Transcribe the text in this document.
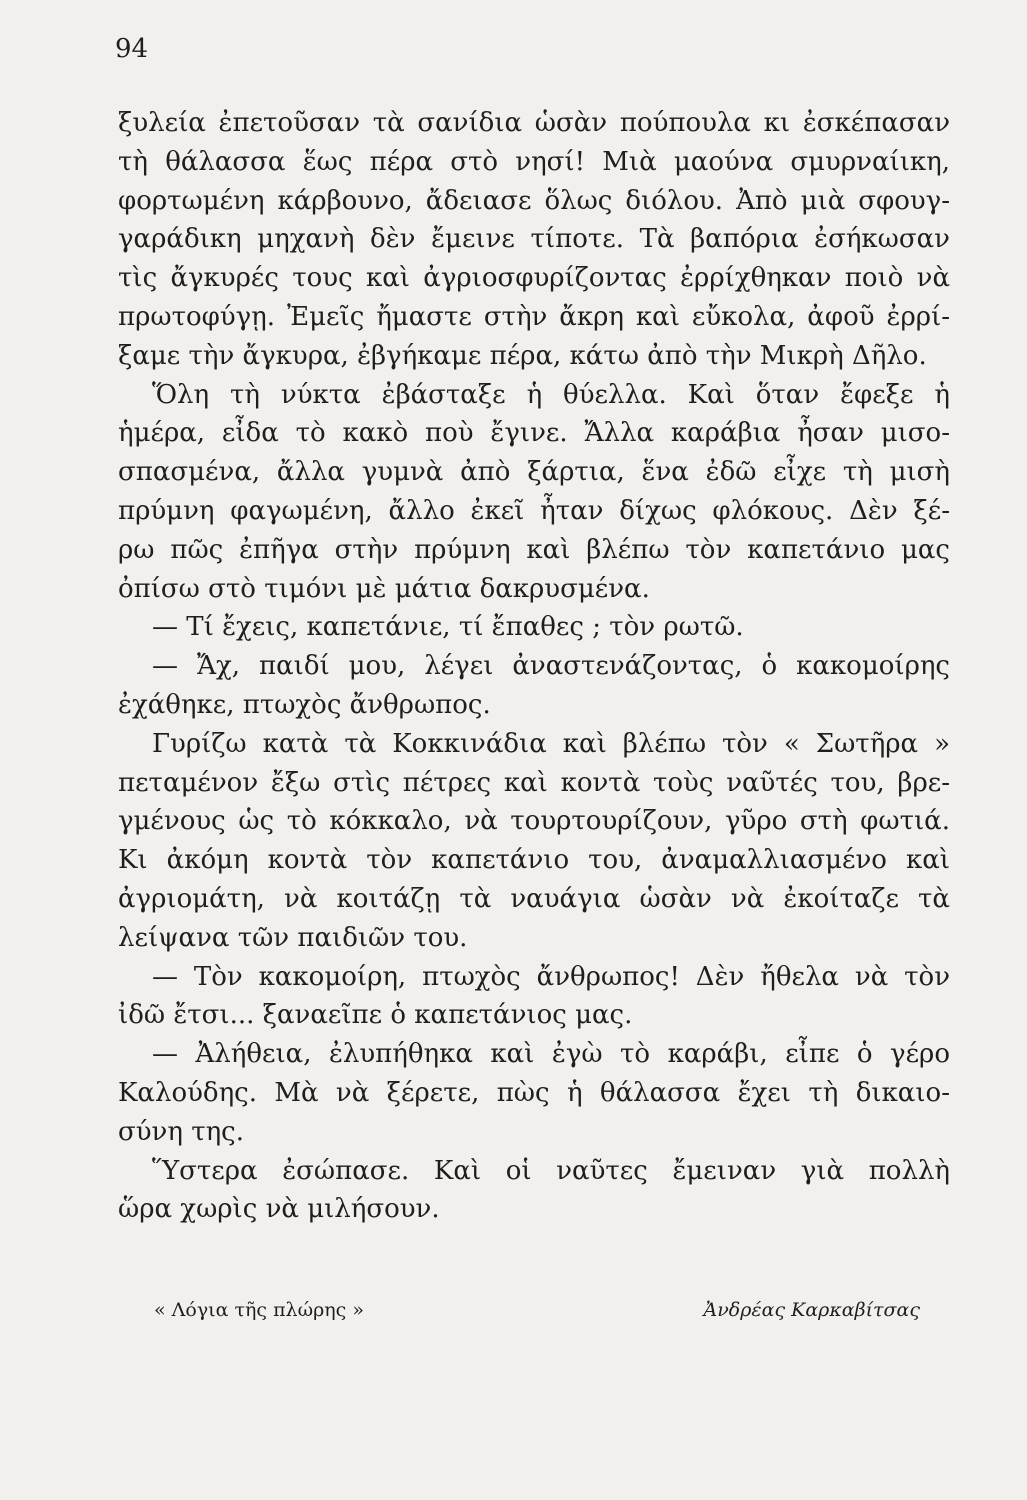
94
ξυλεία ἐπετοῦσαν τὰ σανίδια ὡσὰν πούπουλα κι ἐσκέπασαν
τὴ θάλασσα ἕως πέρα στὸ νησί! Μιὰ μαούνα σμυρναίικη,
φορτωμένη κάρβουνο, ἄδειασε ὅλως διόλου. Ἀπὸ μιὰ σφουγ-
γαράδικη μηχανὴ δὲν ἔμεινε τίποτε. Τὰ βαπόρια ἐσήκωσαν
τὶς ἄγκυρές τους καὶ ἀγριοσφυρίζοντας ἐρρίχθηκαν ποιὸ νὰ
πρωτοφύγῃ. Ἐμεῖς ἤμαστε στὴν ἄκρη καὶ εὔκολα, ἀφοῦ ἐρρί-
ξαμε τὴν ἄγκυρα, ἐβγήκαμε πέρα, κάτω ἀπὸ τὴν Μικρὴ Δῆλο.
Ὅλη τὴ νύκτα ἐβάσταξε ἡ θύελλα. Καὶ ὅταν ἔφεξε ἡ
ἡμέρα, εἶδα τὸ κακὸ ποὺ ἔγινε. Ἄλλα καράβια ἦσαν μισο-
σπασμένα, ἄλλα γυμνὰ ἀπὸ ξάρτια, ἕνα ἐδῶ εἶχε τὴ μισὴ
πρύμνη φαγωμένη, ἄλλο ἐκεῖ ἦταν δίχως φλόκους. Δὲν ξέ-
ρω πῶς ἐπῆγα στὴν πρύμνη καὶ βλέπω τὸν καπετάνιο μας
ὀπίσω στὸ τιμόνι μὲ μάτια δακρυσμένα.
— Τί ἔχεις, καπετάνιε, τί ἔπαθες ; τὸν ρωτῶ.
— Ἄχ, παιδί μου, λέγει ἀναστενάζοντας, ὁ κακομοίρης
ἐχάθηκε, πτωχὸς ἄνθρωπος.
Γυρίζω κατὰ τὰ Κοκκινάδια καὶ βλέπω τὸν « Σωτῆρα »
πεταμένον ἔξω στὶς πέτρες καὶ κοντὰ τοὺς ναῦτές του, βρε-
γμένους ὡς τὸ κόκκαλο, νὰ τουρτουρίζουν, γῦρο στὴ φωτιά.
Κι ἀκόμη κοντὰ τὸν καπετάνιο του, ἀναμαλλιασμένο καὶ
ἀγριομάτη, νὰ κοιτάζῃ τὰ ναυάγια ὡσὰν νὰ ἐκοίταζε τὰ
λείψανα τῶν παιδιῶν του.
— Τὸν κακομοίρη, πτωχὸς ἄνθρωπος! Δὲν ἤθελα νὰ τὸν
ἰδῶ ἔτσι... ξαναεῖπε ὁ καπετάνιος μας.
— Ἀλήθεια, ἐλυπήθηκα καὶ ἐγὼ τὸ καράβι, εἶπε ὁ γέρο
Καλούδης. Μὰ νὰ ξέρετε, πὼς ἡ θάλασσα ἔχει τὴ δικαιο-
σύνη της.
Ὕστερα ἐσώπασε. Καὶ οἱ ναῦτες ἔμειναν γιὰ πολλὴ
ὥρα χωρὶς νὰ μιλήσουν.
« Λόγια τῆς πλώρης »	Ἀνδρέας Καρκαβίτσας
